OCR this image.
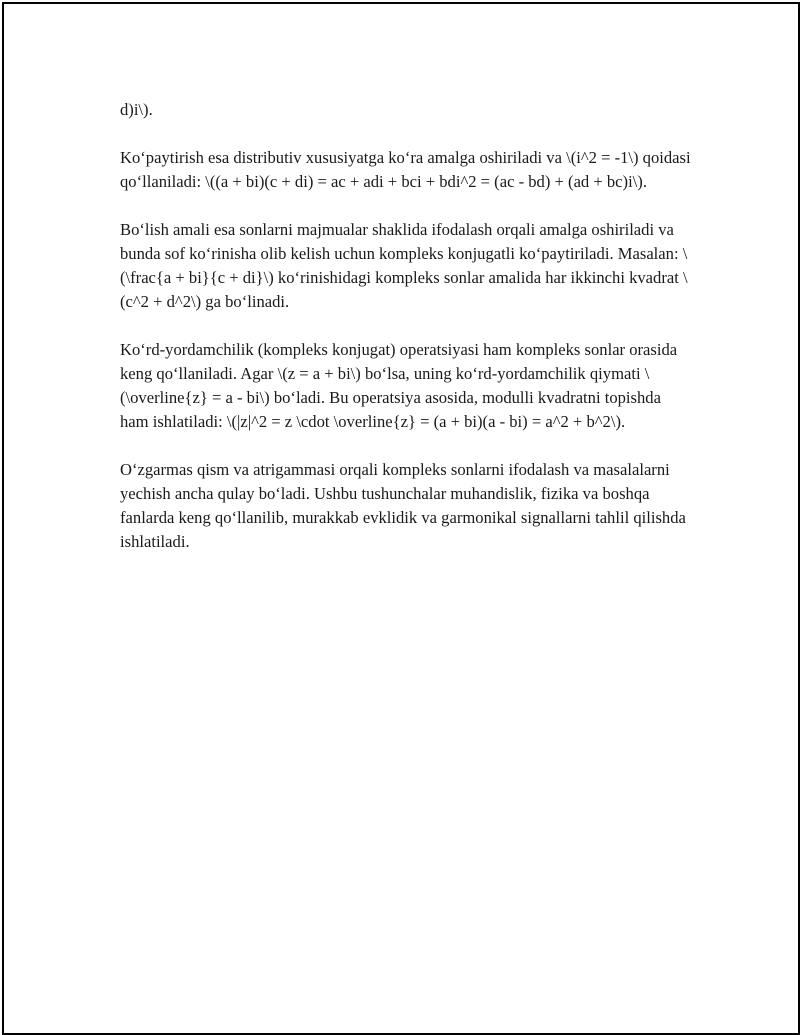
d)i\).

Ko‘paytirish esa distributiv xususiyatga ko‘ra amalga oshiriladi va \(i^2 = -1\) qoidasi qo‘llaniladi: \((a + bi)(c + di) = ac + adi + bci + bdi^2 = (ac - bd) + (ad + bc)i\).

Bo‘lish amali esa sonlarni majmualar shaklida ifodalash orqali amalga oshiriladi va bunda sof ko‘rinisha olib kelish uchun kompleks konjugatli ko‘paytiriladi. Masalan: \(\frac{a + bi}{c + di}\) ko‘rinishidagi kompleks sonlar amalida har ikkinchi kvadrat \(c^2 + d^2\) ga bo‘linadi.

Ko‘rd-yordamchilik (kompleks konjugat) operatsiyasi ham kompleks sonlar orasida keng qo‘llaniladi. Agar \(z = a + bi\) bo‘lsa, uning ko‘rd-yordamchilik qiymati \(\overline{z} = a - bi\) bo‘ladi. Bu operatsiya asosida, modulli kvadratni topishda ham ishlatiladi: \(|z|^2 = z \cdot \overline{z} = (a + bi)(a - bi) = a^2 + b^2\).

O‘zgarmas qism va atrigammasi orqali kompleks sonlarni ifodalash va masalalarni yechish ancha qulay bo‘ladi. Ushbu tushunchalar muhandislik, fizika va boshqa fanlarda keng qo‘llanilib, murakkab evklidik va garmonikal signallarni tahlil qilishda ishlatiladi.
